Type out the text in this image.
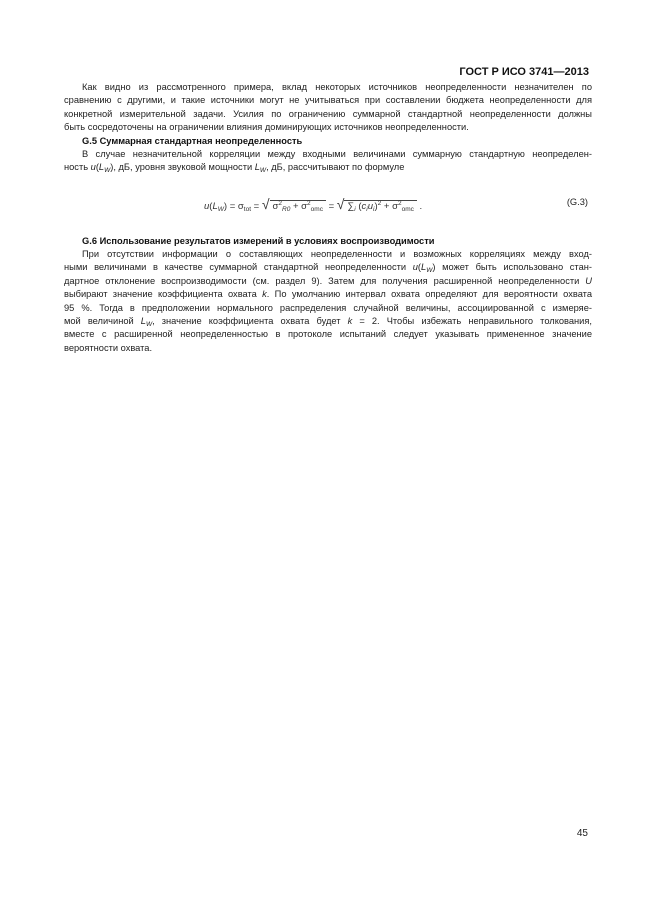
ГОСТ Р ИСО 3741—2013
Как видно из рассмотренного примера, вклад некоторых источников неопределенности незначителен по
сравнению с другими, и такие источники могут не учитываться при составлении бюджета неопределенности для
конкретной измерительной задачи. Усилия по ограничению суммарной стандартной неопределенности должны
быть сосредоточены на ограничении влияния доминирующих источников неопределенности.
G.5 Суммарная стандартная неопределенность
В случае незначительной корреляции между входными величинами суммарную стандартную неопределен-
ность $u(L_W)$, дБ, уровня звуковой мощности $L_W$, дБ, рассчитывают по формуле
$u(L_W) = \sigma_{tot}$ = √ $\sigma^2_{R0} + \sigma^2_{omc}$ = √ $\sum_i$ $(c_iu_i)^2 + \sigma^2_{omc}$ .	(G.3)
G.6 Использование результатов измерений в условиях воспроизводимости
При отсутствии информации о составляющих неопределенности и возможных корреляциях между вход-
ными величинами в качестве суммарной стандартной неопределенности $u(L_W)$ может быть использовано стан-
дартное отклонение воспроизводимости (см. раздел 9). Затем для получения расширенной неопределенности U
выбирают значение коэффициента охвата k. По умолчанию интервал охвата определяют для вероятности охвата
95 %. Тогда в предположении нормального распределения случайной величины, ассоциированной с измеряе-
мой величиной $L_W$, значение коэффициента охвата будет k = 2. Чтобы избежать неправильного толкования,
вместе с расширенной неопределенностью в протоколе испытаний следует указывать примененное значение
вероятности охвата.
45
